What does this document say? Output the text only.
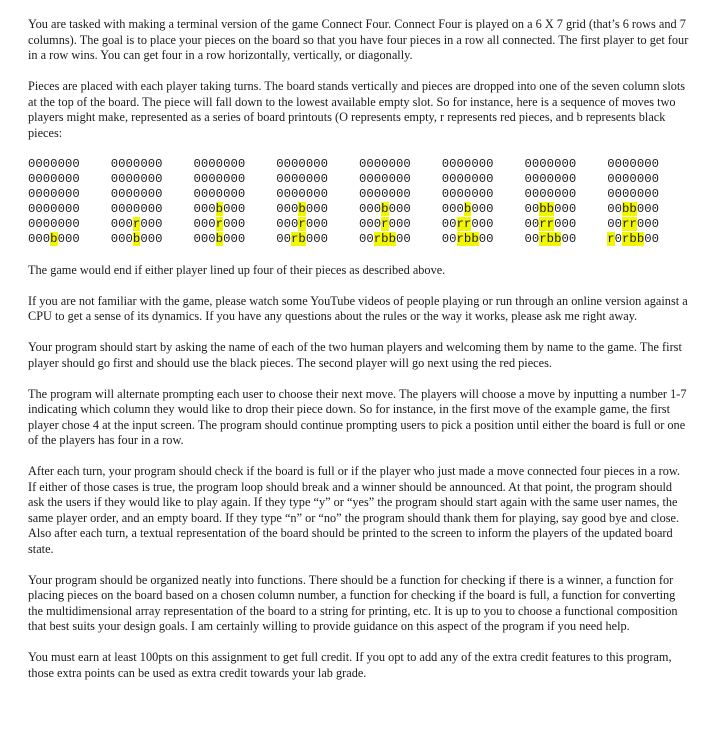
You are tasked with making a terminal version of the game Connect Four. Connect Four is played on a 6 X 7 grid (that’s 6 rows and 7 columns). The goal is to place your pieces on the board so that you have four pieces in a row all connected. The first player to get four in a row wins. You can get four in a row horizontally, vertically, or diagonally.

Pieces are placed with each player taking turns. The board stands vertically and pieces are dropped into one of the seven column slots at the top of the board. The piece will fall down to the lowest available empty slot. So for instance, here is a sequence of moves two players might make, represented as a series of board printouts (O represents empty, r represents red pieces, and b represents black pieces:

0000000
0000000
0000000
0000000
0000000
000b000
0000000
0000000
0000000
0000000
000r000
000b000
0000000
0000000
0000000
000b000
000r000
000b000
0000000
0000000
0000000
000b000
000r000
00rb000
0000000
0000000
0000000
000b000
000r000
00rbb00
0000000
0000000
0000000
000b000
00rr000
00rbb00
0000000
0000000
0000000
00bb000
00rr000
00rbb00
0000000
0000000
0000000
00bb000
00rr000
r0rbb00

The game would end if either player lined up four of their pieces as described above.

If you are not familiar with the game, please watch some YouTube videos of people playing or run through an online version against a CPU to get a sense of its dynamics. If you have any questions about the rules or the way it works, please ask me right away.

Your program should start by asking the name of each of the two human players and welcoming them by name to the game. The first player should go first and should use the black pieces. The second player will go next using the red pieces.

The program will alternate prompting each user to choose their next move. The players will choose a move by inputting a number 1-7 indicating which column they would like to drop their piece down. So for instance, in the first move of the example game, the first player chose 4 at the input screen. The program should continue prompting users to pick a position until either the board is full or one of the players has four in a row.

After each turn, your program should check if the board is full or if the player who just made a move connected four pieces in a row. If either of those cases is true, the program loop should break and a winner should be announced. At that point, the program should ask the users if they would like to play again. If they type “y” or “yes” the program should start again with the same user names, the same player order, and an empty board. If they type “n” or “no” the program should thank them for playing, say good bye and close. Also after each turn, a textual representation of the board should be printed to the screen to inform the players of the updated board state.

Your program should be organized neatly into functions. There should be a function for checking if there is a winner, a function for placing pieces on the board based on a chosen column number, a function for checking if the board is full, a function for converting the multidimensional array representation of the board to a string for printing, etc. It is up to you to choose a functional composition that best suits your design goals. I am certainly willing to provide guidance on this aspect of the program if you need help.

You must earn at least 100pts on this assignment to get full credit. If you opt to add any of the extra credit features to this program, those extra points can be used as extra credit towards your lab grade.
